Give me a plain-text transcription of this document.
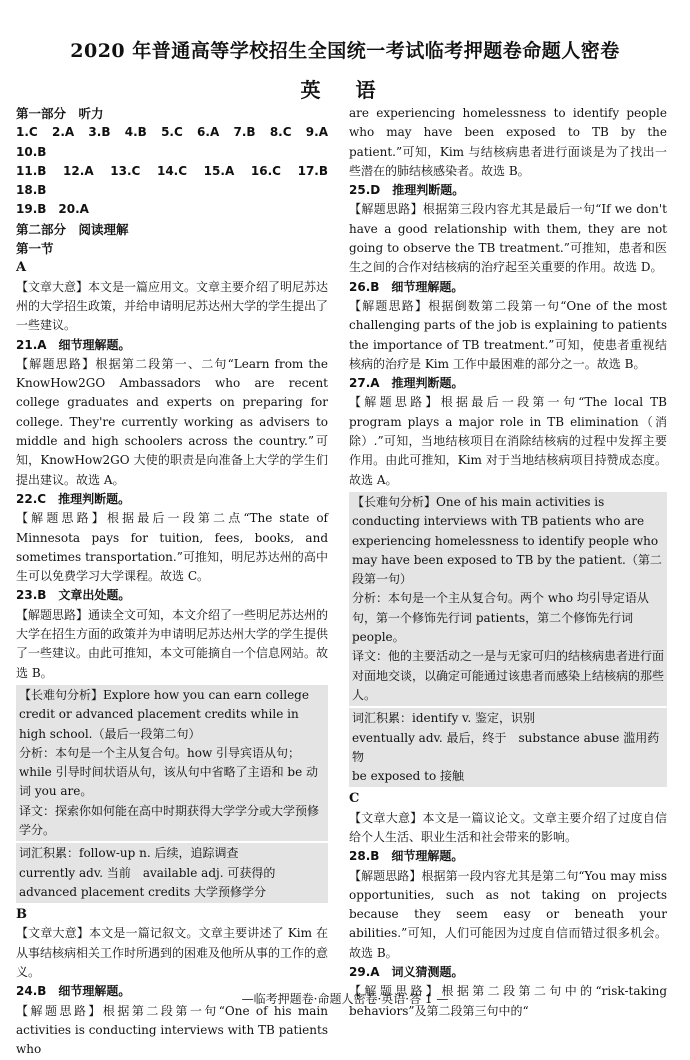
2020 年普通高等学校招生全国统一考试临考押题卷命题人密卷
英 语

第一部分　听力

1.C　2.A　3.B　4.B　5.C　6.A　7.B　8.C　9.A　10.B

11.B　12.A　13.C　14.C　15.A　16.C　17.B　18.B

19.B　20.A

第二部分　阅读理解

第一节

A

【文章大意】本文是一篇应用文。文章主要介绍了明尼苏达州的大学招生政策，并给申请明尼苏达州大学的学生提出了一些建议。

21.A　细节理解题。

【解题思路】根据第二段第一、二句“Learn from the KnowHow2GO Ambassadors who are recent college graduates and experts on preparing for college. They're currently working as advisers to middle and high schoolers across the country.”可知，KnowHow2GO 大使的职责是向准备上大学的学生们提出建议。故选 A。

22.C　推理判断题。

【解题思路】根据最后一段第二点“The state of Minnesota pays for tuition, fees, books, and sometimes transportation.”可推知，明尼苏达州的高中生可以免费学习大学课程。故选 C。

23.B　文章出处题。

【解题思路】通读全文可知，本文介绍了一些明尼苏达州的大学在招生方面的政策并为申请明尼苏达州大学的学生提供了一些建议。由此可推知，本文可能摘自一个信息网站。故选 B。

【长难句分析】Explore how you can earn college credit or advanced placement credits while in high school.（最后一段第二句）

分析：本句是一个主从复合句。how 引导宾语从句；while 引导时间状语从句，该从句中省略了主语和 be 动词 you are。

译文：探索你如何能在高中时期获得大学学分或大学预修学分。

词汇积累：follow-up n. 后续，追踪调查

currently adv. 当前　available adj. 可获得的

advanced placement credits 大学预修学分

B

【文章大意】本文是一篇记叙文。文章主要讲述了 Kim 在从事结核病相关工作时所遇到的困难及他所从事的工作的意义。

24.B　细节理解题。

【解题思路】根据第二段第一句“One of his main activities is conducting interviews with TB patients who

are experiencing homelessness to identify people who may have been exposed to TB by the patient.”可知，Kim 与结核病患者进行面谈是为了找出一些潜在的肺结核感染者。故选 B。

25.D　推理判断题。

【解题思路】根据第三段内容尤其是最后一句“If we don't have a good relationship with them, they are not going to observe the TB treatment.”可推知，患者和医生之间的合作对结核病的治疗起至关重要的作用。故选 D。

26.B　细节理解题。

【解题思路】根据倒数第二段第一句“One of the most challenging parts of the job is explaining to patients the importance of TB treatment.”可知，使患者重视结核病的治疗是 Kim 工作中最困难的部分之一。故选 B。

27.A　推理判断题。

【解题思路】根据最后一段第一句“The local TB program plays a major role in TB elimination（消除）.”可知，当地结核项目在消除结核病的过程中发挥主要作用。由此可推知，Kim 对于当地结核病项目持赞成态度。故选 A。

【长难句分析】One of his main activities is conducting interviews with TB patients who are experiencing homelessness to identify people who may have been exposed to TB by the patient.（第二段第一句）

分析：本句是一个主从复合句。两个 who 均引导定语从句，第一个修饰先行词 patients，第二个修饰先行词 people。

译文：他的主要活动之一是与无家可归的结核病患者进行面对面地交谈，以确定可能通过该患者而感染上结核病的那些人。

词汇积累：identify v. 鉴定，识别

eventually adv. 最后，终于　substance abuse 滥用药物

be exposed to 接触

C

【文章大意】本文是一篇议论文。文章主要介绍了过度自信给个人生活、职业生活和社会带来的影响。

28.B　细节理解题。

【解题思路】根据第一段内容尤其是第二句“You may miss opportunities, such as not taking on projects because they seem easy or beneath your abilities.”可知，人们可能因为过度自信而错过很多机会。故选 B。

29.A　词义猜测题。

【解题思路】根据第二段第二句中的“risk-taking behaviors”及第二段第三句中的“

—临考押题卷·命题人密卷·英语·答 1 —
